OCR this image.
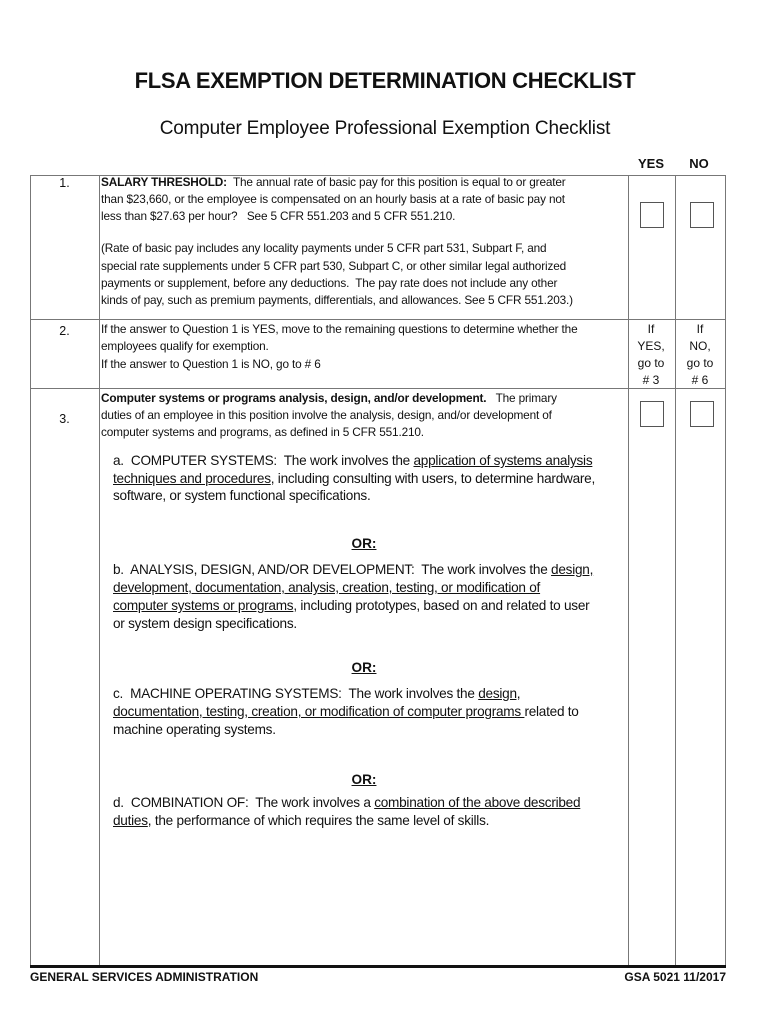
FLSA EXEMPTION DETERMINATION CHECKLIST
Computer Employee Professional Exemption Checklist
YES	NO
1.
2.
3.
SALARY THRESHOLD:  The annual rate of basic pay for this position is equal to or greater
than $23,660, or the employee is compensated on an hourly basis at a rate of basic pay not
less than $27.63 per hour?   See 5 CFR 551.203 and 5 CFR 551.210.
(Rate of basic pay includes any locality payments under 5 CFR part 531, Subpart F, and
special rate supplements under 5 CFR part 530, Subpart C, or other similar legal authorized
payments or supplement, before any deductions.  The pay rate does not include any other
kinds of pay, such as premium payments, differentials, and allowances. See 5 CFR 551.203.)
If the answer to Question 1 is YES, move to the remaining questions to determine whether the
employees qualify for exemption.
If the answer to Question 1 is NO, go to # 6
Computer systems or programs analysis, design, and/or development.   The primary
duties of an employee in this position involve the analysis, design, and/or development of
computer systems and programs, as defined in 5 CFR 551.210.
If
YES,
go to
# 3
If
NO,
go to
# 6
OR:
OR:
OR:
GENERAL SERVICES ADMINISTRATION	GSA 5021 11/2017
a.  COMPUTER SYSTEMS:  The work involves the application of systems analysis
techniques and procedures, including consulting with users, to determine hardware,
software, or system functional specifications.
b.  ANALYSIS, DESIGN, AND/OR DEVELOPMENT:  The work involves the design,
development, documentation, analysis, creation, testing, or modification of
computer systems or programs, including prototypes, based on and related to user
or system design specifications.
c.  MACHINE OPERATING SYSTEMS:  The work involves the design,
documentation, testing, creation, or modification of computer programs related to
machine operating systems.
d.  COMBINATION OF:  The work involves a combination of the above described
duties, the performance of which requires the same level of skills.
